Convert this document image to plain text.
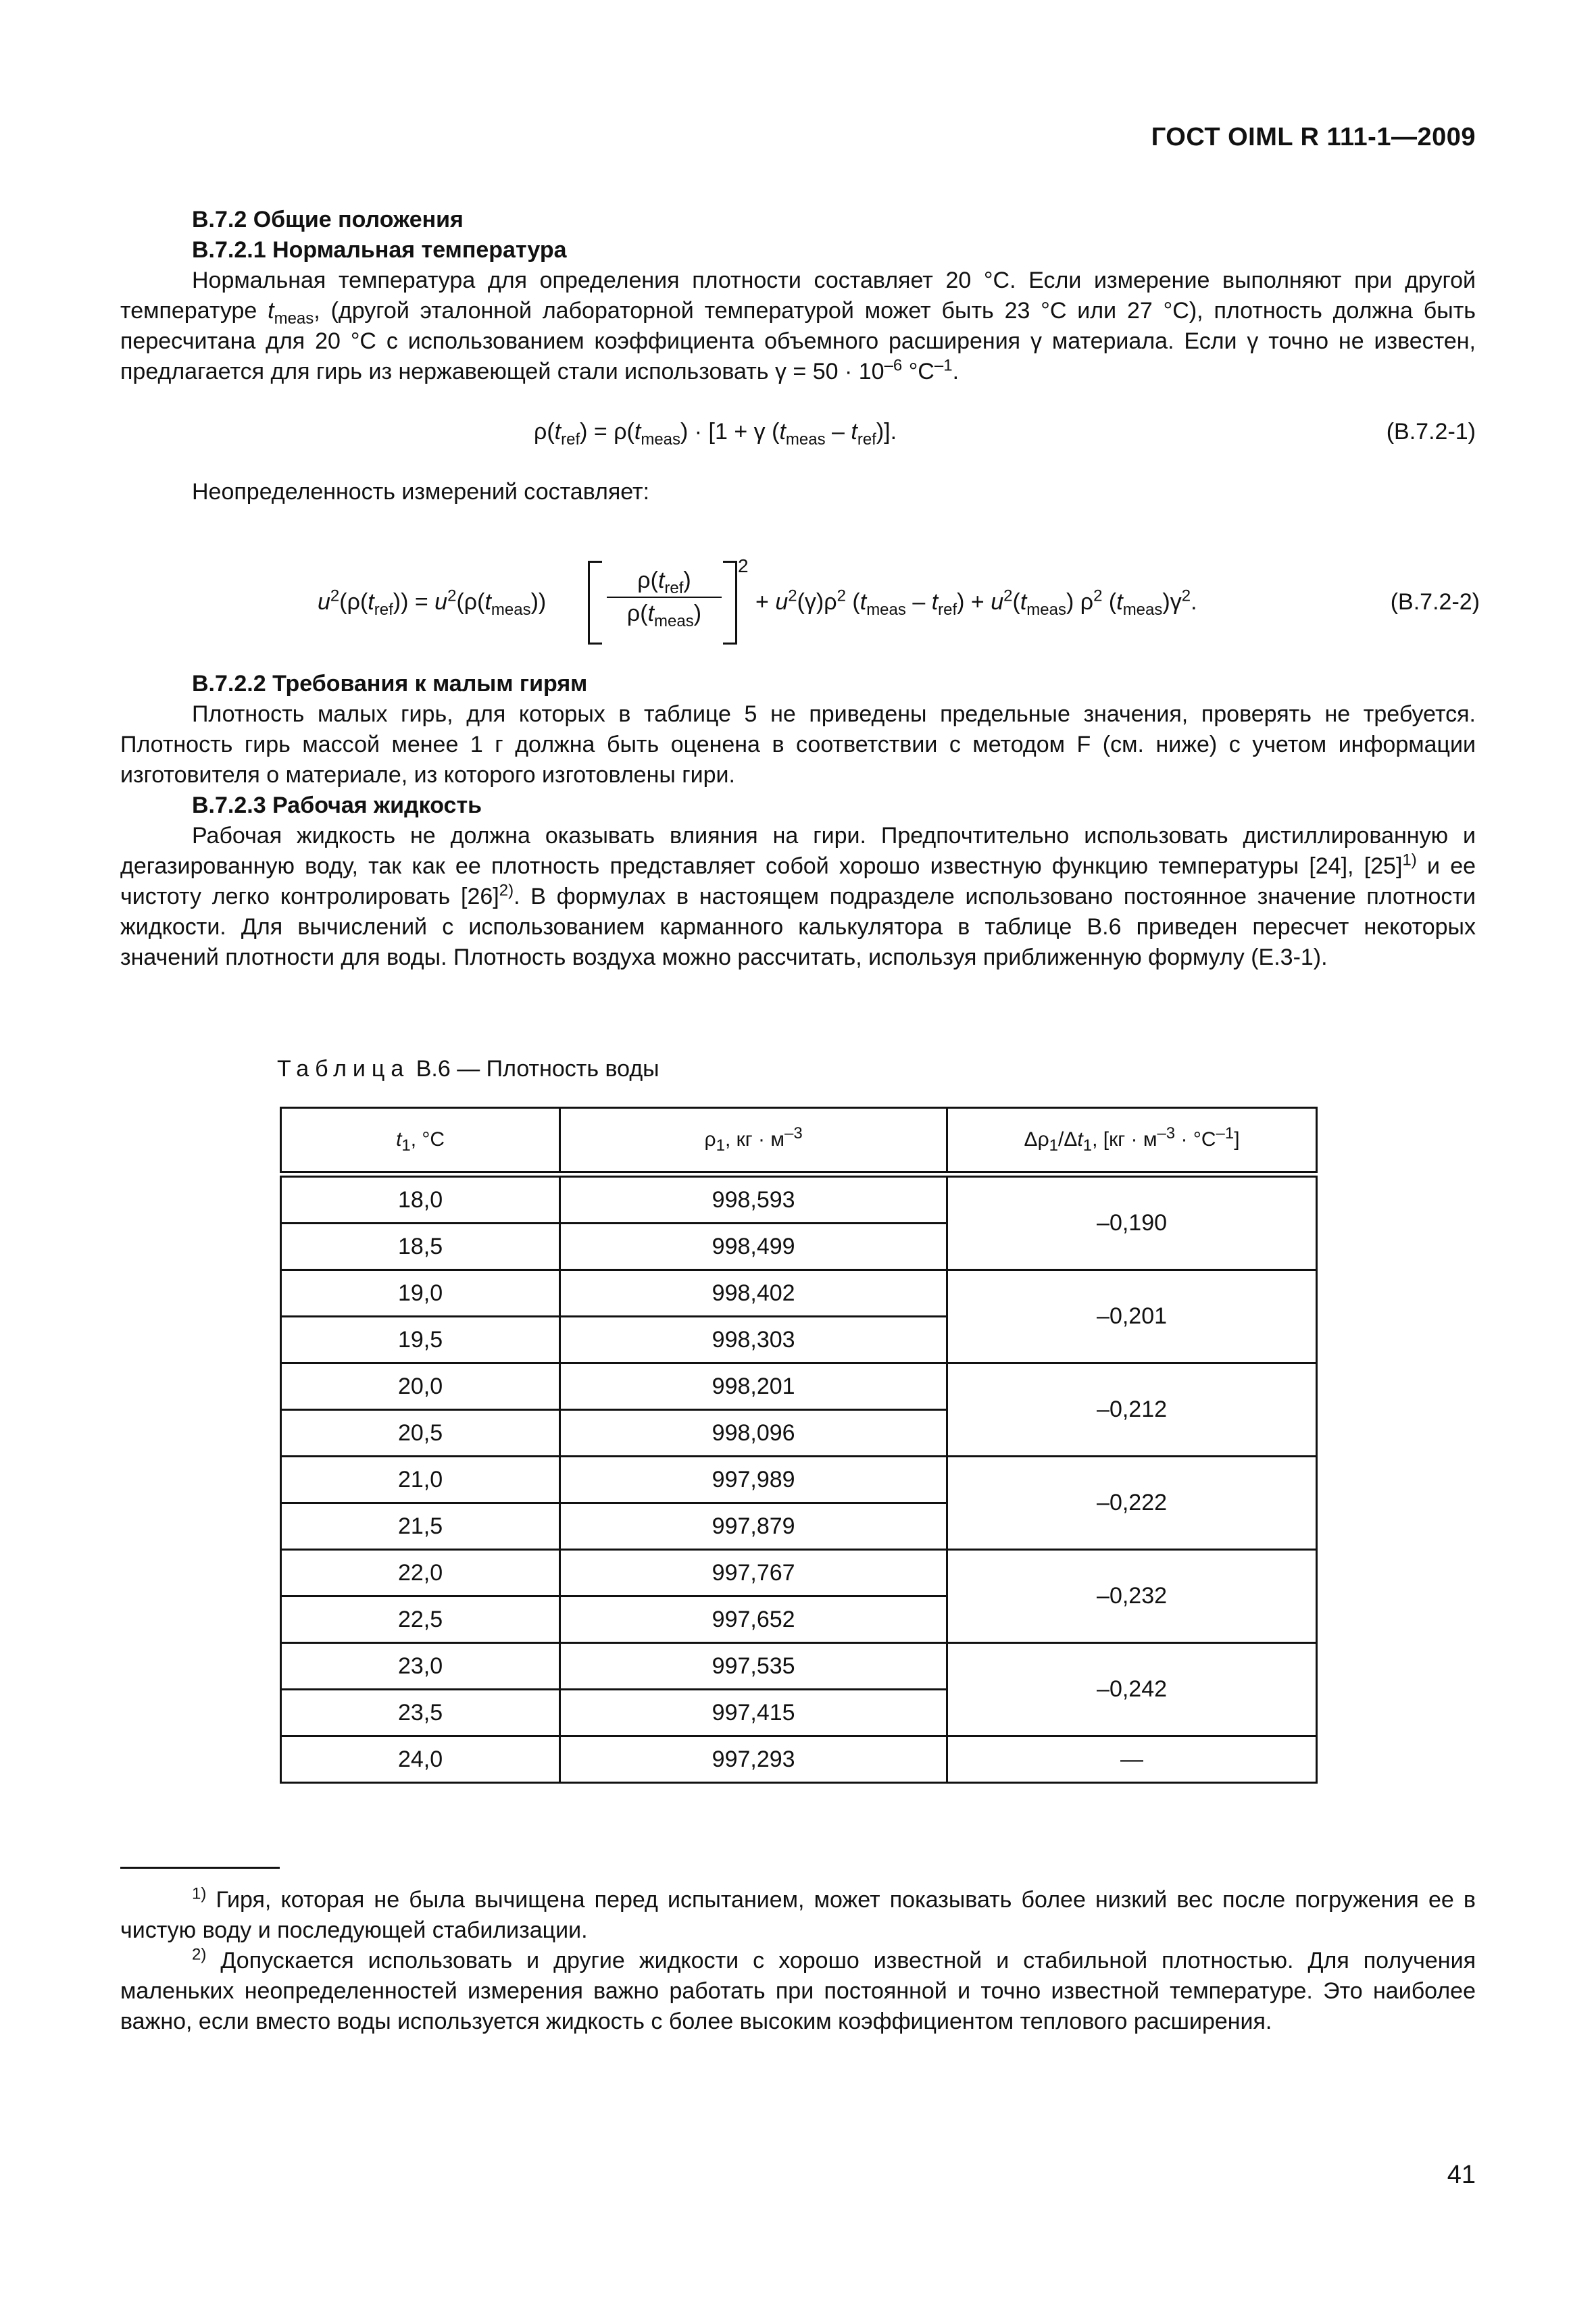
ГОСТ OIML R 111-1—2009

B.7.2 Общие положения

B.7.2.1 Нормальная температура

Нормальная температура для определения плотности составляет 20 °С. Если измерение выполняют при другой температуре $t_{meas}$, (другой эталонной лабораторной температурой может быть 23 °С или 27 °С), плотность должна быть пересчитана для 20 °С с использованием коэффициента объемного расширения γ материала. Если γ точно не известен, предлагается для гирь из нержавеющей стали использовать $\gamma = 50 \cdot 10^{-6}$ $^\circ С^{-1}$.

$\rho(t_{ref}) = \rho(t_{meas}) \cdot [1 + \gamma$ $(t_{meas} - t_{ref})$].	(B.7.2-1)

Неопределенность измерений составляет:

$u^2(\rho(t_{ref})) = u^2(\rho(t_{meas}))$
$\rho(t_{ref})$
$\rho(t_{meas})$
2
+ $u^2(\gamma)\rho^2$ $(t_{meas} - t_{ref}) + u^2(t_{meas})$ $\rho^2$ $(t_{meas})\gamma^2$.	(B.7.2-2)

B.7.2.2 Требования к малым гирям

Плотность малых гирь, для которых в таблице 5 не приведены предельные значения, проверять не требуется. Плотность гирь массой менее 1 г должна быть оценена в соответствии с методом F (см. ниже) с учетом информации изготовителя о материале, из которого изготовлены гири.

B.7.2.3 Рабочая жидкость

Рабочая жидкость не должна оказывать влияния на гири. Предпочтительно использовать дистиллированную и дегазированную воду, так как ее плотность представляет собой хорошо известную функцию температуры [24], $[25]^{1)}$ и ее чистоту легко контролировать $[26]^{2)}$. В формулах в настоящем подразделе использовано постоянное значение плотности жидкости. Для вычислений с использованием карманного калькулятора в таблице B.6 приведен пересчет некоторых значений плотности для воды. Плотность воздуха можно рассчитать, используя приближенную формулу (E.3-1).

Таблица B.6 — Плотность воды
$t_1$, °С	$\rho_1$, кг · $м^{-3}$	$\Delta\rho_1/\Delta t_1$, $[кг \cdot м^{-3} \cdot ^\circ С^{-1}]$

18,0	998,593	–0,190
18,5	998,499	
19,0	998,402	–0,201
19,5	998,303	
20,0	998,201	–0,212
20,5	998,096	
21,0	997,989	–0,222
21,5	997,879	
22,0	997,767	–0,232
22,5	997,652	
23,0	997,535	–0,242
23,5	997,415	
24,0	997,293	—

$^{1)}$ Гиря, которая не была вычищена перед испытанием, может показывать более низкий вес после погружения ее в чистую воду и последующей стабилизации.

$^{2)}$ Допускается использовать и другие жидкости с хорошо известной и стабильной плотностью. Для получения маленьких неопределенностей измерения важно работать при постоянной и точно известной температуре. Это наиболее важно, если вместо воды используется жидкость с более высоким коэффициентом теплового расширения.

41
